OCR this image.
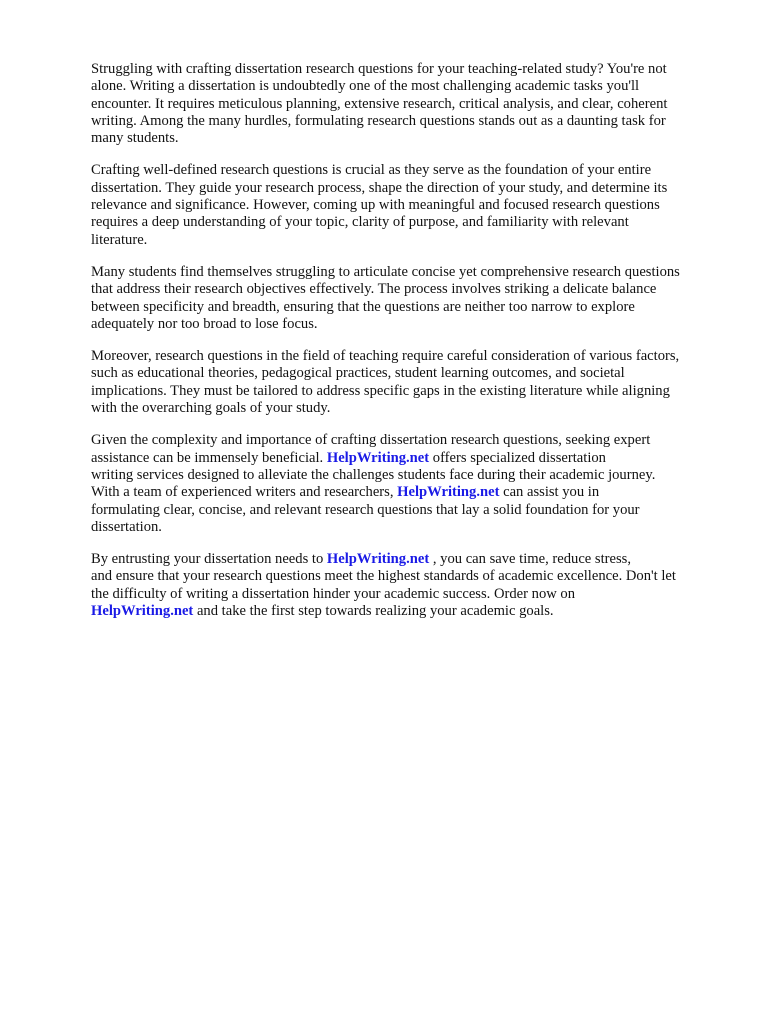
Struggling with crafting dissertation research questions for your teaching-related study? You're not
alone. Writing a dissertation is undoubtedly one of the most challenging academic tasks you'll
encounter. It requires meticulous planning, extensive research, critical analysis, and clear, coherent
writing. Among the many hurdles, formulating research questions stands out as a daunting task for
many students.

Crafting well-defined research questions is crucial as they serve as the foundation of your entire
dissertation. They guide your research process, shape the direction of your study, and determine its
relevance and significance. However, coming up with meaningful and focused research questions
requires a deep understanding of your topic, clarity of purpose, and familiarity with relevant
literature.

Many students find themselves struggling to articulate concise yet comprehensive research questions
that address their research objectives effectively. The process involves striking a delicate balance
between specificity and breadth, ensuring that the questions are neither too narrow to explore
adequately nor too broad to lose focus.

Moreover, research questions in the field of teaching require careful consideration of various factors,
such as educational theories, pedagogical practices, student learning outcomes, and societal
implications. They must be tailored to address specific gaps in the existing literature while aligning
with the overarching goals of your study.

Given the complexity and importance of crafting dissertation research questions, seeking expert
assistance can be immensely beneficial. HelpWriting.net offers specialized dissertation
writing services designed to alleviate the challenges students face during their academic journey.
With a team of experienced writers and researchers, HelpWriting.net can assist you in
formulating clear, concise, and relevant research questions that lay a solid foundation for your
dissertation.

By entrusting your dissertation needs to HelpWriting.net , you can save time, reduce stress,
and ensure that your research questions meet the highest standards of academic excellence. Don't let
the difficulty of writing a dissertation hinder your academic success. Order now on
HelpWriting.net and take the first step towards realizing your academic goals.
